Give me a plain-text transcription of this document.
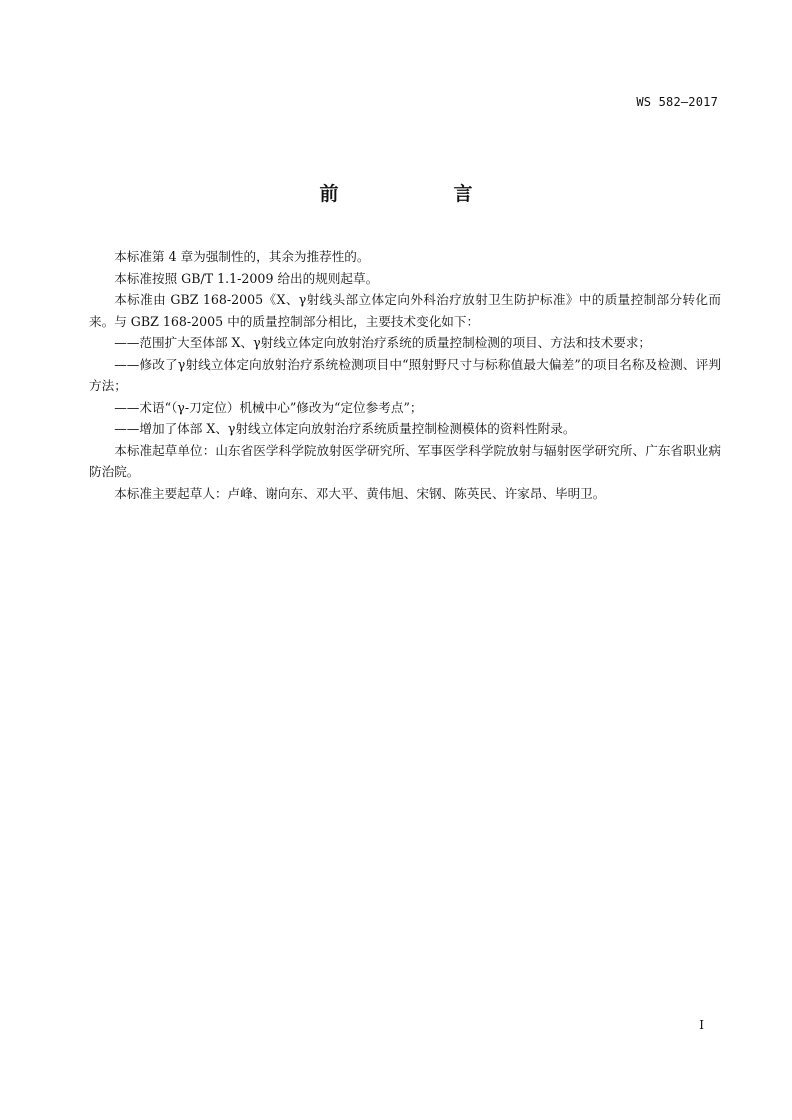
WS 582—2017
前　言

本标准第 4 章为强制性的，其余为推荐性的。

本标准按照 GB/T 1.1-2009 给出的规则起草。

本标准由 GBZ 168-2005《X、γ射线头部立体定向外科治疗放射卫生防护标准》中的质量控制部分转化而来。与 GBZ 168-2005 中的质量控制部分相比，主要技术变化如下：

——范围扩大至体部 X、γ射线立体定向放射治疗系统的质量控制检测的项目、方法和技术要求；

——修改了γ射线立体定向放射治疗系统检测项目中“照射野尺寸与标称值最大偏差”的项目名称及检测、评判方法；

——术语“（γ-刀定位）机械中心”修改为“定位参考点”；

——增加了体部 X、γ射线立体定向放射治疗系统质量控制检测模体的资料性附录。

本标准起草单位：山东省医学科学院放射医学研究所、军事医学科学院放射与辐射医学研究所、广东省职业病防治院。

本标准主要起草人：卢峰、谢向东、邓大平、黄伟旭、宋钢、陈英民、许家昂、毕明卫。

I
